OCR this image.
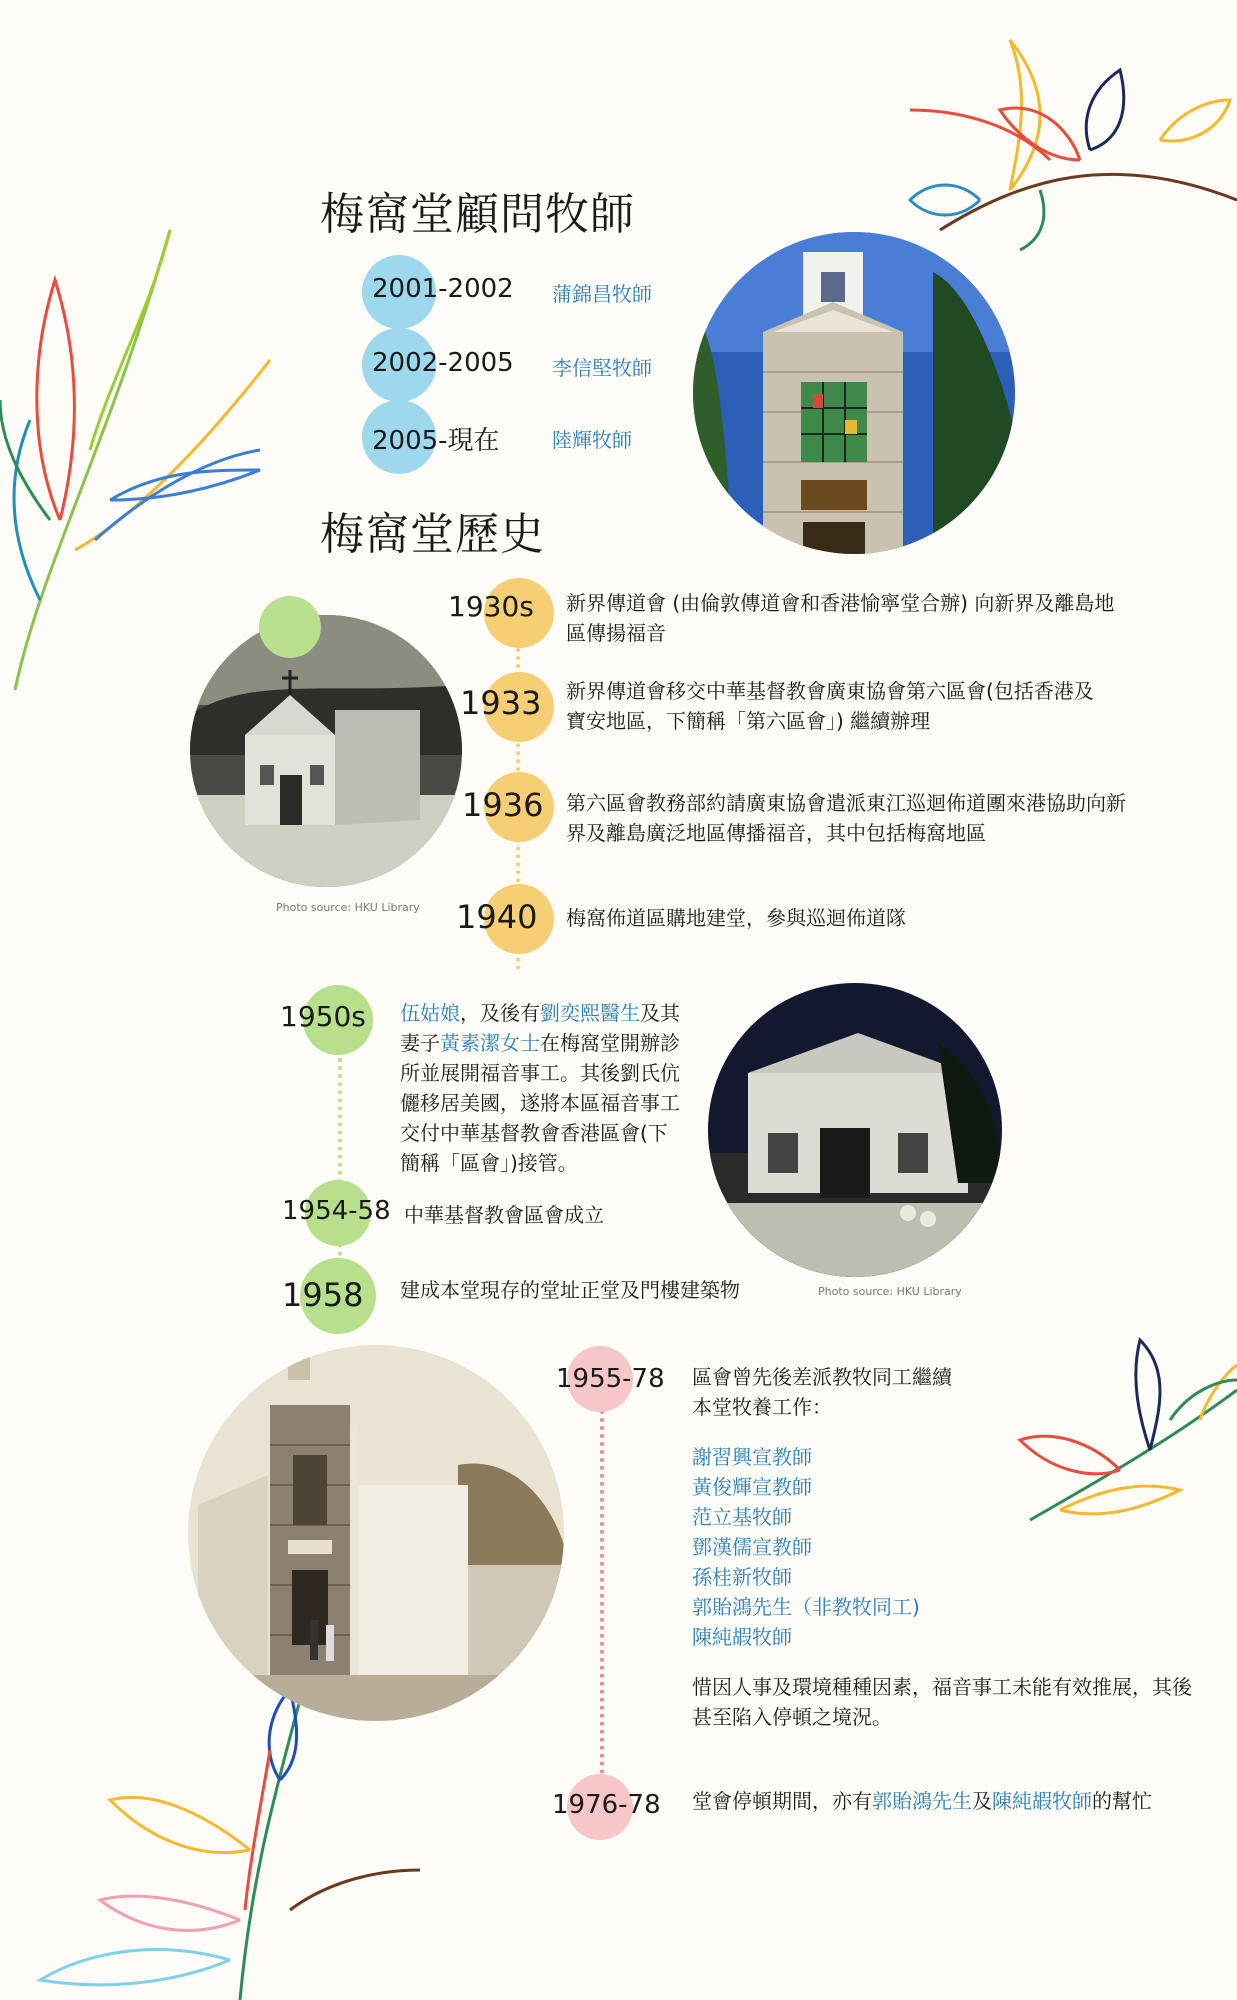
梅窩堂顧問牧師
2001-2002 蒲錦昌牧師
2002-2005 李信堅牧師
2005-現在	陸輝牧師
梅窩堂歷史
Photo source: HKU Library
1930s 新界傳道會 (由倫敦傳道會和香港愉寧堂合辦) 向新界及離島地區傳揚福音
1933 新界傳道會移交中華基督教會廣東協會第六區會(包括香港及寶安地區，下簡稱「第六區會」) 繼續辦理
1936 第六區會教務部約請廣東協會遣派東江巡迴佈道團來港協助向新界及離島廣泛地區傳播福音，其中包括梅窩地區
1940 梅窩佈道區購地建堂，參與巡迴佈道隊
1950s 伍姑娘，及後有劉奕熙醫生及其妻子黃素潔女士在梅窩堂開辦診所並展開福音事工。其後劉氏伉儷移居美國，遂將本區福音事工交付中華基督教會香港區會(下簡稱「區會」)接管。
1954-58 中華基督教會區會成立
1958 建成本堂現存的堂址正堂及門樓建築物	Photo source: HKU Library
1955-78 區會曾先後差派教牧同工繼續本堂牧養工作：
謝習興宣教師
黃俊輝宣教師
范立基牧師
鄧漢儒宣教師
孫桂新牧師
郭貽鴻先生（非教牧同工)
陳純嘏牧師
惜因人事及環境種種因素，福音事工未能有效推展，其後甚至陷入停頓之境況。
1976-78 堂會停頓期間，亦有郭貽鴻先生及陳純嘏牧師的幫忙
